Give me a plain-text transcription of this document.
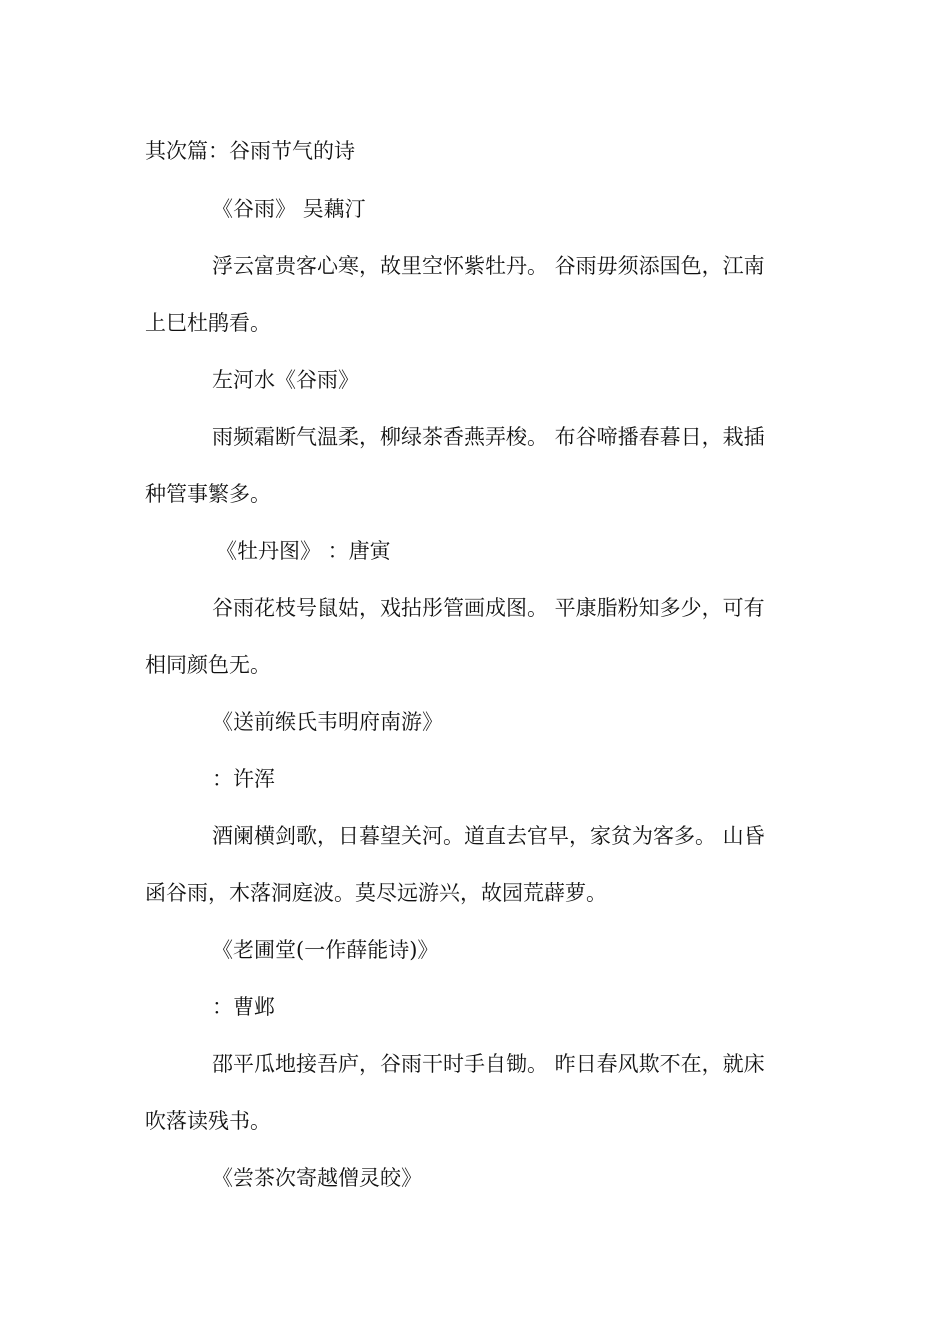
其次篇：谷雨节气的诗
《谷雨》 吴藕汀
浮云富贵客心寒，故里空怀紫牡丹。 谷雨毋须添国色，江南
上巳杜鹃看。
左河水《谷雨》
雨频霜断气温柔，柳绿茶香燕弄梭。 布谷啼播春暮日，栽插
种管事繁多。
《牡丹图》 ：唐寅
谷雨花枝号鼠姑，戏拈彤管画成图。 平康脂粉知多少，可有
相同颜色无。
《送前缑氏韦明府南游》
：许浑
酒阑横剑歌，日暮望关河。道直去官早，家贫为客多。 山昏
函谷雨，木落洞庭波。莫尽远游兴，故园荒薜萝。
《老圃堂(一作薛能诗)》
：曹邺
邵平瓜地接吾庐，谷雨干时手自锄。 昨日春风欺不在，就床
吹落读残书。
《尝茶次寄越僧灵皎》
